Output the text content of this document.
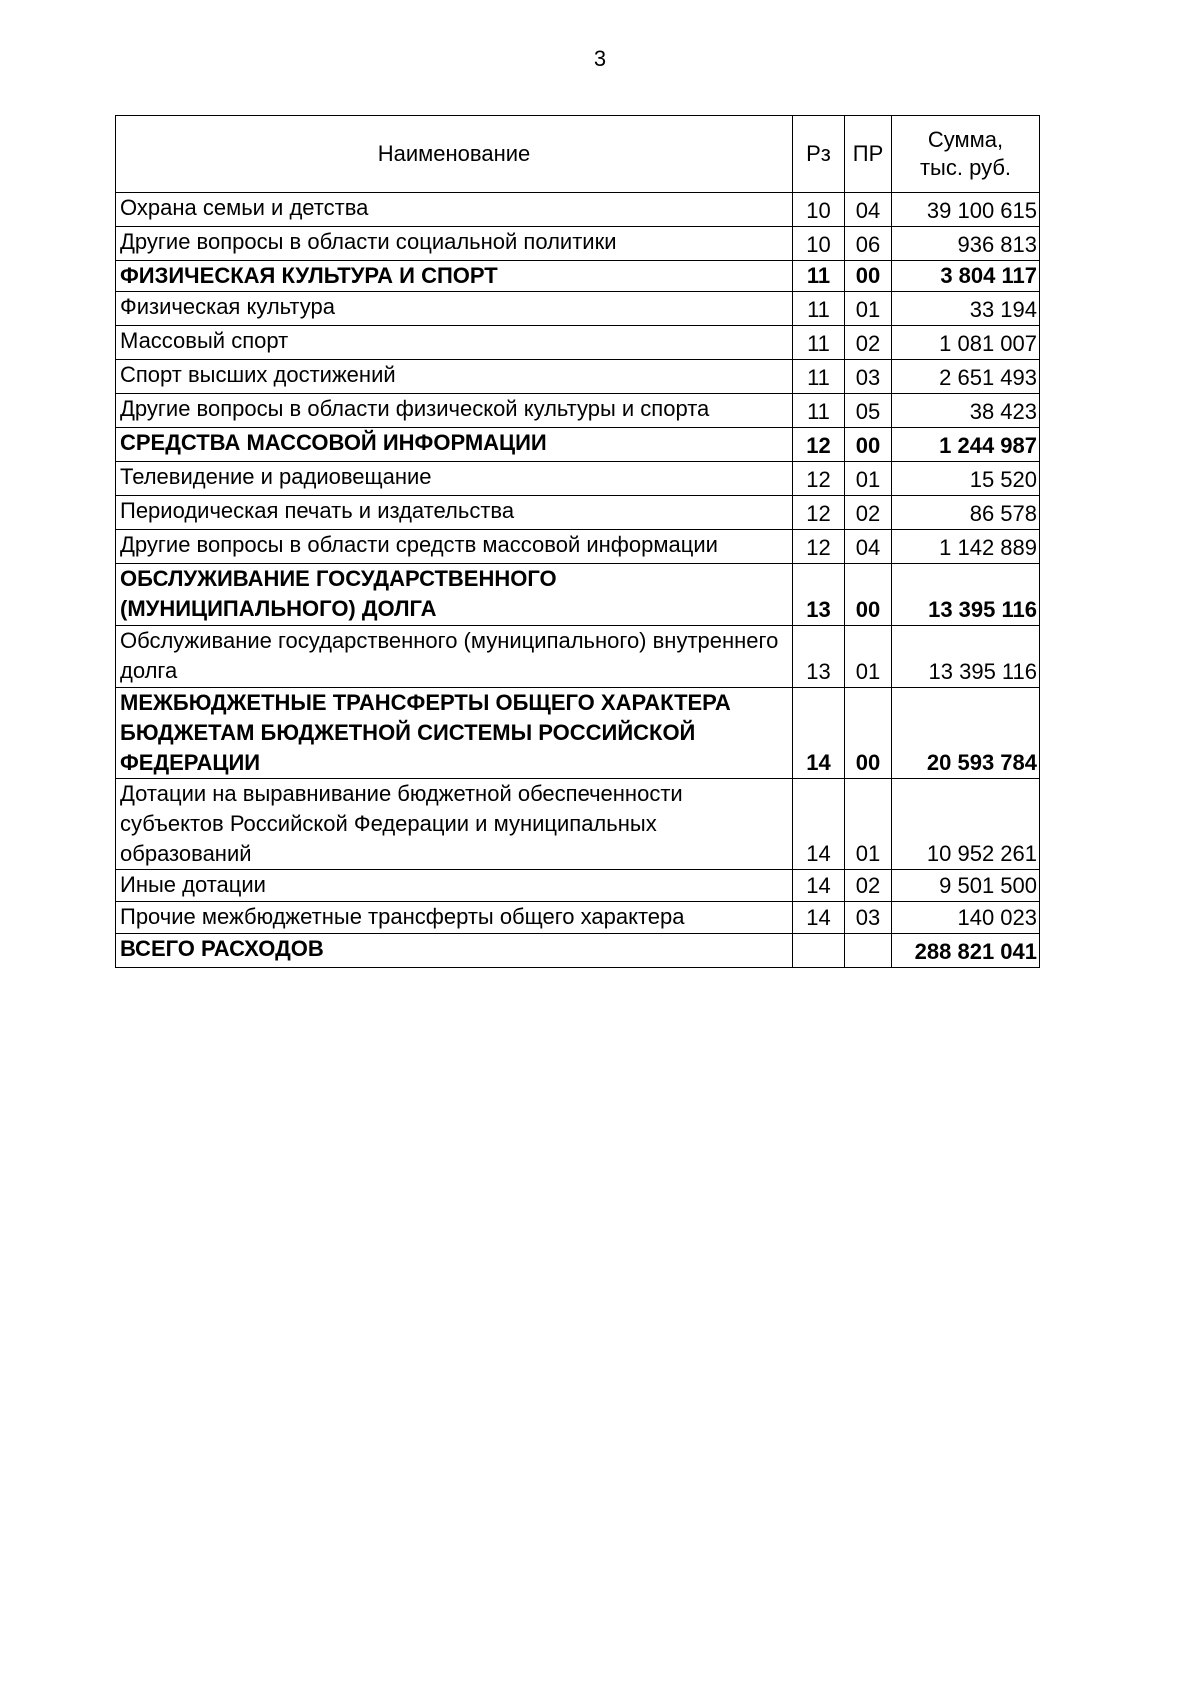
3
Наименование	Рз	ПР	Сумма,
тыс. руб.
Охрана семьи и детства	10	04	39 100 615
Другие вопросы в области социальной политики	10	06	936 813
ФИЗИЧЕСКАЯ КУЛЬТУРА И СПОРТ	11	00	3 804 117
Физическая культура	11	01	33 194
Массовый спорт	11	02	1 081 007
Спорт высших достижений	11	03	2 651 493
Другие вопросы в области физической культуры и спорта	11	05	38 423
СРЕДСТВА МАССОВОЙ ИНФОРМАЦИИ	12	00	1 244 987
Телевидение и радиовещание	12	01	15 520
Периодическая печать и издательства	12	02	86 578
Другие вопросы в области средств массовой информации	12	04	1 142 889
ОБСЛУЖИВАНИЕ ГОСУДАРСТВЕННОГО (МУНИЦИПАЛЬНОГО) ДОЛГА	13	00	13 395 116
Обслуживание государственного (муниципального) внутреннего долга	13	01	13 395 116
МЕЖБЮДЖЕТНЫЕ ТРАНСФЕРТЫ ОБЩЕГО ХАРАКТЕРА БЮДЖЕТАМ БЮДЖЕТНОЙ СИСТЕМЫ РОССИЙСКОЙ ФЕДЕРАЦИИ	14	00	20 593 784
Дотации на выравнивание бюджетной обеспеченности субъектов Российской Федерации и муниципальных образований	14	01	10 952 261
Иные дотации	14	02	9 501 500
Прочие межбюджетные трансферты общего характера	14	03	140 023
ВСЕГО РАСХОДОВ			288 821 041
